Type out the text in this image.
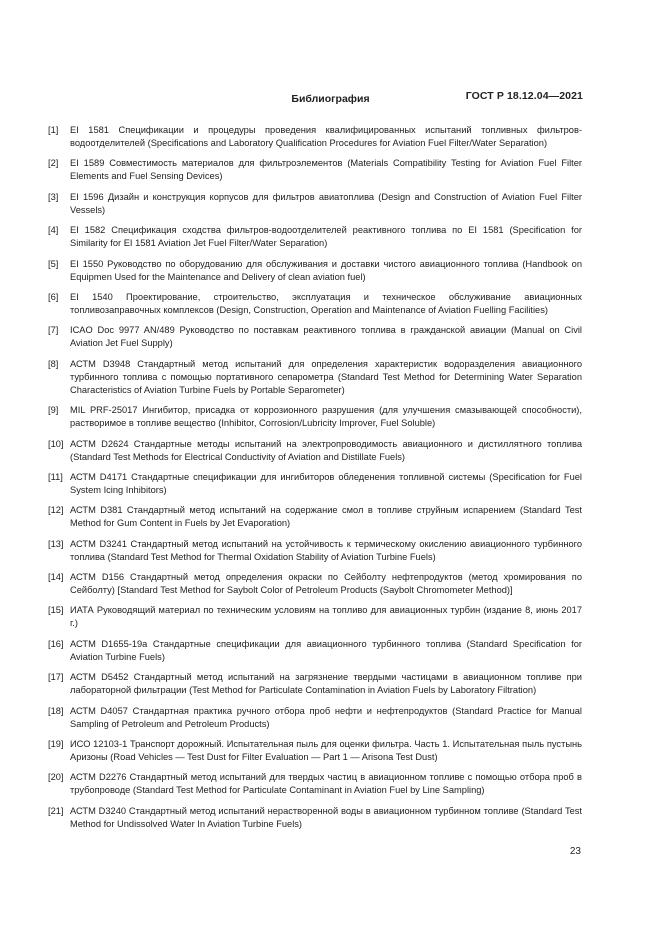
ГОСТ Р 18.12.04—2021
Библиография
[1]	EI 1581 Спецификации и процедуры проведения квалифицированных испытаний топливных фильтров-водоотделителей (Specifications and Laboratory Qualification Procedures for Aviation Fuel Filter/Water Separation)
[2]	EI 1589 Совместимость материалов для фильтроэлементов (Materials Compatibility Testing for Aviation Fuel Filter Elements and Fuel Sensing Devices)
[3]	EI 1596 Дизайн и конструкция корпусов для фильтров авиатоплива (Design and Construction of Aviation Fuel Filter Vessels)
[4]	EI 1582 Спецификация сходства фильтров-водоотделителей реактивного топлива по EI 1581 (Specification for Similarity for EI 1581 Aviation Jet Fuel Filter/Water Separation)
[5]	EI 1550 Руководство по оборудованию для обслуживания и доставки чистого авиационного топлива (Handbook on Equipmen Used for the Maintenance and Delivery of clean aviation fuel)
[6]	EI 1540 Проектирование, строительство, эксплуатация и техническое обслуживание авиационных топливозаправочных комплексов (Design, Construction, Operation and Maintenance of Aviation Fuelling Facilities)
[7]	ICAO Doc 9977 AN/489 Руководство по поставкам реактивного топлива в гражданской авиации (Manual on Civil Aviation Jet Fuel Supply)
[8]	АСТМ D3948 Стандартный метод испытаний для определения характеристик водоразделения авиационного турбинного топлива с помощью портативного сепарометра (Standard Test Method for Determining Water Separation Characteristics of Aviation Turbine Fuels by Portable Separometer)
[9]	MIL PRF-25017 Ингибитор, присадка от коррозионного разрушения (для улучшения смазывающей способности), растворимое в топливе вещество (Inhibitor, Corrosion/Lubricity Improver, Fuel Soluble)
[10] АСТМ D2624 Стандартные методы испытаний на электропроводимость авиационного и дистиллятного топлива (Standard Test Methods for Electrical Conductivity of Aviation and Distillate Fuels)
[11] АСТМ D4171 Стандартные спецификации для ингибиторов обледенения топливной системы (Specification for Fuel System Icing Inhibitors)
[12] АСТМ D381 Стандартный метод испытаний на содержание смол в топливе струйным испарением (Standard Test Method for Gum Content in Fuels by Jet Evaporation)
[13] АСТМ D3241 Стандартный метод испытаний на устойчивость к термическому окислению авиационного турбинного топлива (Standard Test Method for Thermal Oxidation Stability of Aviation Turbine Fuels)
[14] АСТМ D156 Стандартный метод определения окраски по Сейболту нефтепродуктов (метод хромирования по Сейболту) [Standard Test Method for Saybolt Color of Petroleum Products (Saybolt Chromometer Method)]
[15] ИАТА Руководящий материал по техническим условиям на топливо для авиационных турбин (издание 8, июнь 2017 г.)
[16] АСТМ D1655-19а Стандартные спецификации для авиационного турбинного топлива (Standard Specification for Aviation Turbine Fuels)
[17] АСТМ D5452 Стандартный метод испытаний на загрязнение твердыми частицами в авиационном топливе при лабораторной фильтрации (Test Method for Particulate Contamination in Aviation Fuels by Laboratory Filtration)
[18] АСТМ D4057 Стандартная практика ручного отбора проб нефти и нефтепродуктов (Standard Practice for Manual Sampling of Petroleum and Petroleum Products)
[19] ИСО 12103-1 Транспорт дорожный. Испытательная пыль для оценки фильтра. Часть 1. Испытательная пыль пустынь Аризоны (Road Vehicles — Test Dust for Filter Evaluation — Part 1 — Arisona Test Dust)
[20] АСТМ D2276 Стандартный метод испытаний для твердых частиц в авиационном топливе с помощью отбора проб в трубопроводе (Standard Test Method for Particulate Contaminant in Aviation Fuel by Line Sampling)
[21] АСТМ D3240 Стандартный метод испытаний нерастворенной воды в авиационном турбинном топливе (Standard Test Method for Undissolved Water In Aviation Turbine Fuels)
23
